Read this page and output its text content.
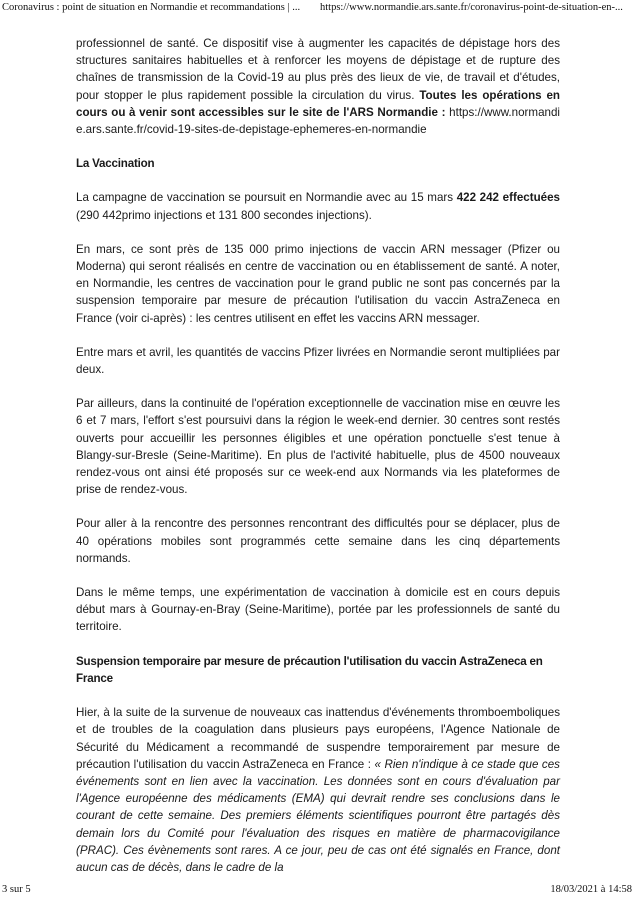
Coronavirus : point de situation en Normandie et recommandations | ... https://www.normandie.ars.sante.fr/coronavirus-point-de-situation-en-...

professionnel de santé. Ce dispositif vise à augmenter les capacités de dépistage hors des structures sanitaires habituelles et à renforcer les moyens de dépistage et de rupture des chaînes de transmission de la Covid-19 au plus près des lieux de vie, de travail et d'études, pour stopper le plus rapidement possible la circulation du virus. Toutes les opérations en cours ou à venir sont accessibles sur le site de l'ARS Normandie : https://www.normandie.ars.sante.fr/covid-19-sites-de-depistage-ephemeres-en-normandie

La Vaccination

La campagne de vaccination se poursuit en Normandie avec au 15 mars 422 242 effectuées (290 442primo injections et 131 800 secondes injections).

En mars, ce sont près de 135 000 primo injections de vaccin ARN messager (Pfizer ou Moderna) qui seront réalisés en centre de vaccination ou en établissement de santé. A noter, en Normandie, les centres de vaccination pour le grand public ne sont pas concernés par la suspension temporaire par mesure de précaution l'utilisation du vaccin AstraZeneca en France (voir ci-après) : les centres utilisent en effet les vaccins ARN messager.

Entre mars et avril, les quantités de vaccins Pfizer livrées en Normandie seront multipliées par deux.

Par ailleurs, dans la continuité de l'opération exceptionnelle de vaccination mise en œuvre les 6 et 7 mars, l'effort s'est poursuivi dans la région le week-end dernier. 30 centres sont restés ouverts pour accueillir les personnes éligibles et une opération ponctuelle s'est tenue à Blangy-sur-Bresle (Seine-Maritime). En plus de l'activité habituelle, plus de 4500 nouveaux rendez-vous ont ainsi été proposés sur ce week-end aux Normands via les plateformes de prise de rendez-vous.

Pour aller à la rencontre des personnes rencontrant des difficultés pour se déplacer, plus de 40 opérations mobiles sont programmés cette semaine dans les cinq départements normands.

Dans le même temps, une expérimentation de vaccination à domicile est en cours depuis début mars à Gournay-en-Bray (Seine-Maritime), portée par les professionnels de santé du territoire.

Suspension temporaire par mesure de précaution l'utilisation du vaccin AstraZeneca en France

Hier, à la suite de la survenue de nouveaux cas inattendus d'événements thromboemboliques et de troubles de la coagulation dans plusieurs pays européens, l'Agence Nationale de Sécurité du Médicament a recommandé de suspendre temporairement par mesure de précaution l'utilisation du vaccin AstraZeneca en France : « Rien n'indique à ce stade que ces événements sont en lien avec la vaccination. Les données sont en cours d'évaluation par l'Agence européenne des médicaments (EMA) qui devrait rendre ses conclusions dans le courant de cette semaine. Des premiers éléments scientifiques pourront être partagés dès demain lors du Comité pour l'évaluation des risques en matière de pharmacovigilance (PRAC). Ces évènements sont rares. A ce jour, peu de cas ont été signalés en France, dont aucun cas de décès, dans le cadre de la

3 sur 5	18/03/2021 à 14:58
